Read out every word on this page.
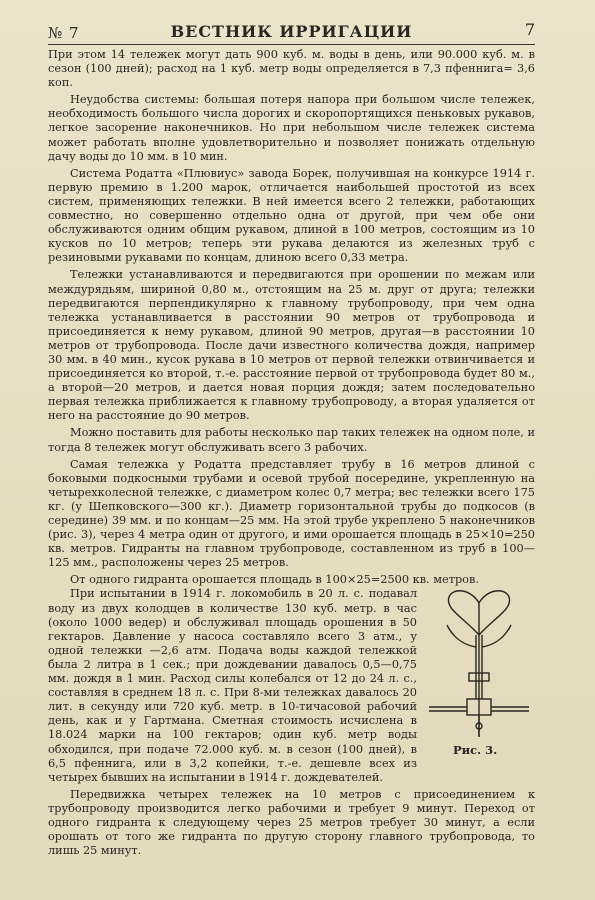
№ 7	ВЕСТНИК ИРРИГАЦИИ	7

При этом 14 тележек могут дать 900 куб. м. воды в день, или 90.000 куб. м. в сезон (100 дней); расход на 1 куб. метр воды определяется в 7,3 пфеннига= 3,6 коп.

Неудобства системы: большая потеря напора при большом числе тележек, необходимость большого числа дорогих и скоропортящихся пеньковых рукавов, легкое засорение наконечников. Но при небольшом числе тележек система может работать вполне удовлетворительно и позволяет понижать отдельную дачу воды до 10 мм. в 10 мин.

Система Родатта «Плювиус» завода Борек, получившая на конкурсе 1914 г. первую премию в 1.200 марок, отличается наибольшей простотой из всех систем, применяющих тележки. В ней имеется всего 2 тележки, работающих совместно, но совершенно отдельно одна от другой, при чем обе они обслуживаются одним общим рукавом, длиной в 100 метров, состоящим из 10 кусков по 10 метров; теперь эти рукава делаются из железных труб с резиновыми рукавами по концам, длиною всего 0,33 метра.

Тележки устанавливаются и передвигаются при орошении по межам или междурядьям, шириной 0,80 м., отстоящим на 25 м. друг от друга; тележки передвигаются перпендикулярно к главному трубопроводу, при чем одна тележка устанавливается в расстоянии 90 метров от трубопровода и присоединяется к нему рукавом, длиной 90 метров, другая—в расстоянии 10 метров от трубопровода. После дачи известного количества дождя, например 30 мм. в 40 мин., кусок рукава в 10 метров от первой тележки отвинчивается и присоединяется ко второй, т.-е. расстояние первой от трубопровода будет 80 м., а второй—20 метров, и дается новая порция дождя; затем последовательно первая тележка приближается к главному трубопроводу, а вторая удаляется от него на расстояние до 90 метров.

Можно поставить для работы несколько пар таких тележек на одном поле, и тогда 8 тележек могут обслуживать всего 3 рабочих.

Самая тележка у Родатта представляет трубу в 16 метров длиной с боковыми подкосными трубами и осевой трубой посередине, укрепленную на четырехколесной тележке, с диаметром колес 0,7 метра; вес тележки всего 175 кг. (у Шепковского—300 кг.). Диаметр горизонтальной трубы до подкосов (в середине) 39 мм. и по концам—25 мм. На этой трубе укреплено 5 наконечников (рис. 3), через 4 метра один от другого, и ими орошается площадь в 25×10=250 кв. метров. Гидранты на главном трубопроводе, составленном из труб в 100—125 мм., расположены через 25 метров.

От одного гидранта орошается площадь в 100×25=2500 кв. метров.

Рис. 3.

При испытании в 1914 г. локомобиль в 20 л. с. подавал воду из двух колодцев в количестве 130 куб. метр. в час (около 1000 ведер) и обслуживал площадь орошения в 50 гектаров. Давление у насоса составляло всего 3 атм., у одной тележки —2,6 атм. Подача воды каждой тележкой была 2 литра в 1 сек.; при дождевании давалось 0,5—0,75 мм. дождя в 1 мин. Расход силы колебался от 12 до 24 л. с., составляя в среднем 18 л. с. При 8-ми тележках давалось 20 лит. в секунду или 720 куб. метр. в 10-тичасовой рабочий день, как и у Гартмана. Сметная стоимость исчислена в 18.024 марки на 100 гектаров; один куб. метр воды обходился, при подаче 72.000 куб. м. в сезон (100 дней), в 6,5 пфеннига, или в 3,2 копейки, т.-е. дешевле всех из четырех бывших на испытании в 1914 г. дождевателей.

Передвижка четырех тележек на 10 метров с присоединением к трубопроводу производится легко рабочими и требует 9 минут. Переход от одного гидранта к следующему через 25 метров требует 30 минут, а если орошать от того же гидранта по другую сторону главного трубопровода, то лишь 25 минут.
